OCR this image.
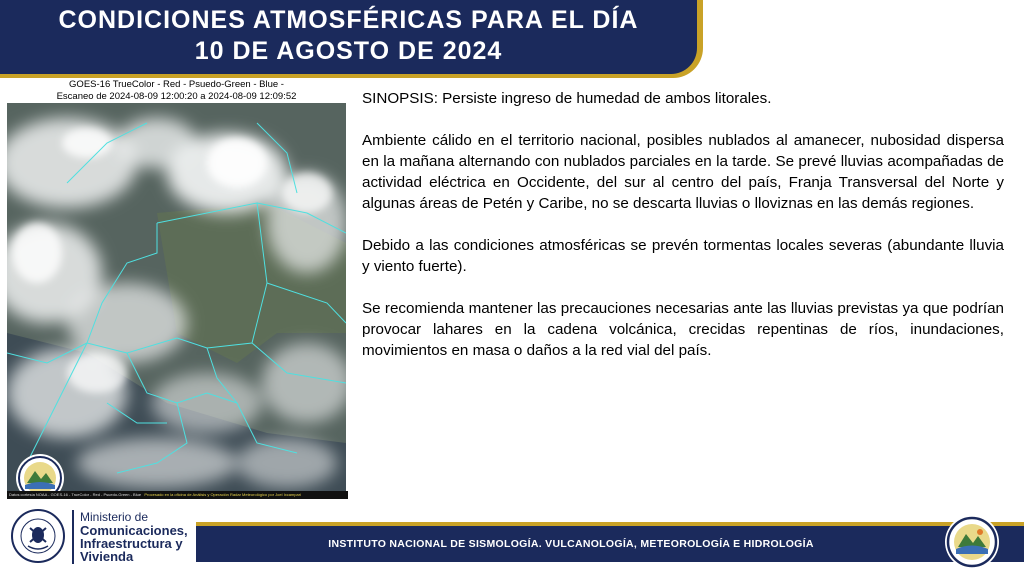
CONDICIONES ATMOSFÉRICAS PARA EL DÍA
10 DE AGOSTO DE 2024
GOES-16 TrueColor - Red - Psuedo-Green - Blue -
Escaneo de 2024-08-09 12:00:20 a 2024-08-09 12:09:52
Datos cortesía NOAA - GOES-16 - TrueColor - Red - Psuedo-Green - Blue Procesado en la oficina de Análisis y Operación Radar Meteorológico por Joel Ixcampari

SINOPSIS: Persiste ingreso de humedad de ambos litorales.

Ambiente cálido en el territorio nacional, posibles nublados al amanecer, nubosidad dispersa en la mañana alternando con nublados parciales en la tarde. Se prevé lluvias acompañadas de actividad eléctrica en Occidente, del sur al centro del país, Franja Transversal del Norte y algunas áreas de Petén y Caribe, no se descarta lluvias o lloviznas en las demás regiones.

Debido a las condiciones atmosféricas se prevén tormentas locales severas (abundante lluvia y viento fuerte).

Se recomienda mantener las precauciones necesarias ante las lluvias previstas ya que podrían provocar lahares en la cadena volcánica, crecidas repentinas de ríos, inundaciones, movimientos en masa o daños a la red vial del país.

Ministerio de
Comunicaciones,
Infraestructura y
Vivienda
INSTITUTO NACIONAL DE SISMOLOGÍA. VULCANOLOGÍA, METEOROLOGÍA E HIDROLOGÍA
